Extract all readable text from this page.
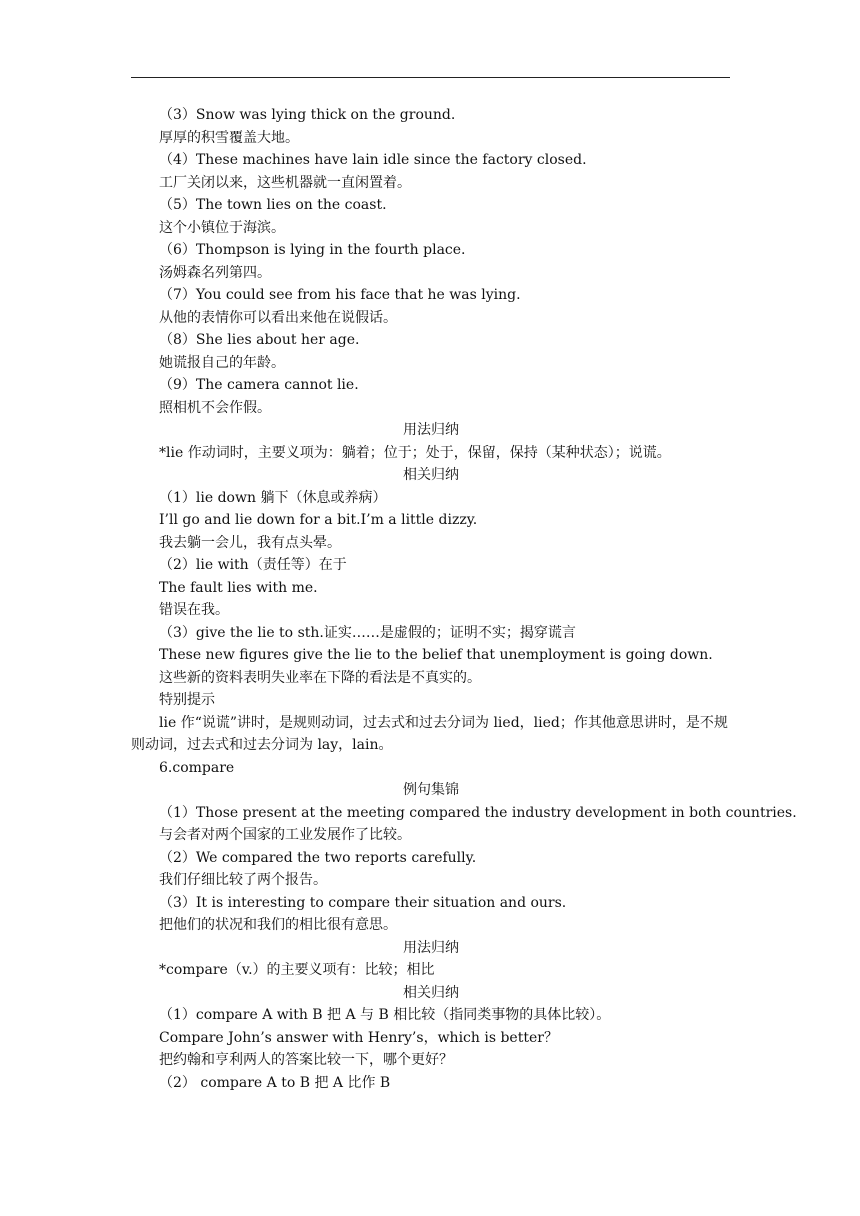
（3）Snow was lying thick on the ground.
厚厚的积雪覆盖大地。
（4）These machines have lain idle since the factory closed.
工厂关闭以来，这些机器就一直闲置着。
（5）The town lies on the coast.
这个小镇位于海滨。
（6）Thompson is lying in the fourth place.
汤姆森名列第四。
（7）You could see from his face that he was lying.
从他的表情你可以看出来他在说假话。
（8）She lies about her age.
她谎报自己的年龄。
（9）The camera cannot lie.
照相机不会作假。
用法归纳
*lie 作动词时，主要义项为：躺着；位于；处于，保留，保持（某种状态）；说谎。
相关归纳
（1）lie down 躺下（休息或养病）
I’ll go and lie down for a bit.I’m a little dizzy.
我去躺一会儿，我有点头晕。
（2）lie with（责任等）在于
The fault lies with me.
错误在我。
（3）give the lie to sth.证实……是虚假的；证明不实；揭穿谎言
These new figures give the lie to the belief that unemployment is going down.
这些新的资料表明失业率在下降的看法是不真实的。
特别提示
lie 作“说谎”讲时，是规则动词，过去式和过去分词为 lied，lied；作其他意思讲时，是不规则动词，过去式和过去分词为 lay，lain。
6.compare
例句集锦
（1）Those present at the meeting compared the industry development in both countries.
与会者对两个国家的工业发展作了比较。
（2）We compared the two reports carefully.
我们仔细比较了两个报告。
（3）It is interesting to compare their situation and ours.
把他们的状况和我们的相比很有意思。
用法归纳
*compare（v.）的主要义项有：比较；相比
相关归纳
（1）compare A with B 把 A 与 B 相比较（指同类事物的具体比较）。
Compare John’s answer with Henry’s，which is better？
把约翰和亨利两人的答案比较一下，哪个更好？
（2） compare A to B 把 A 比作 B
